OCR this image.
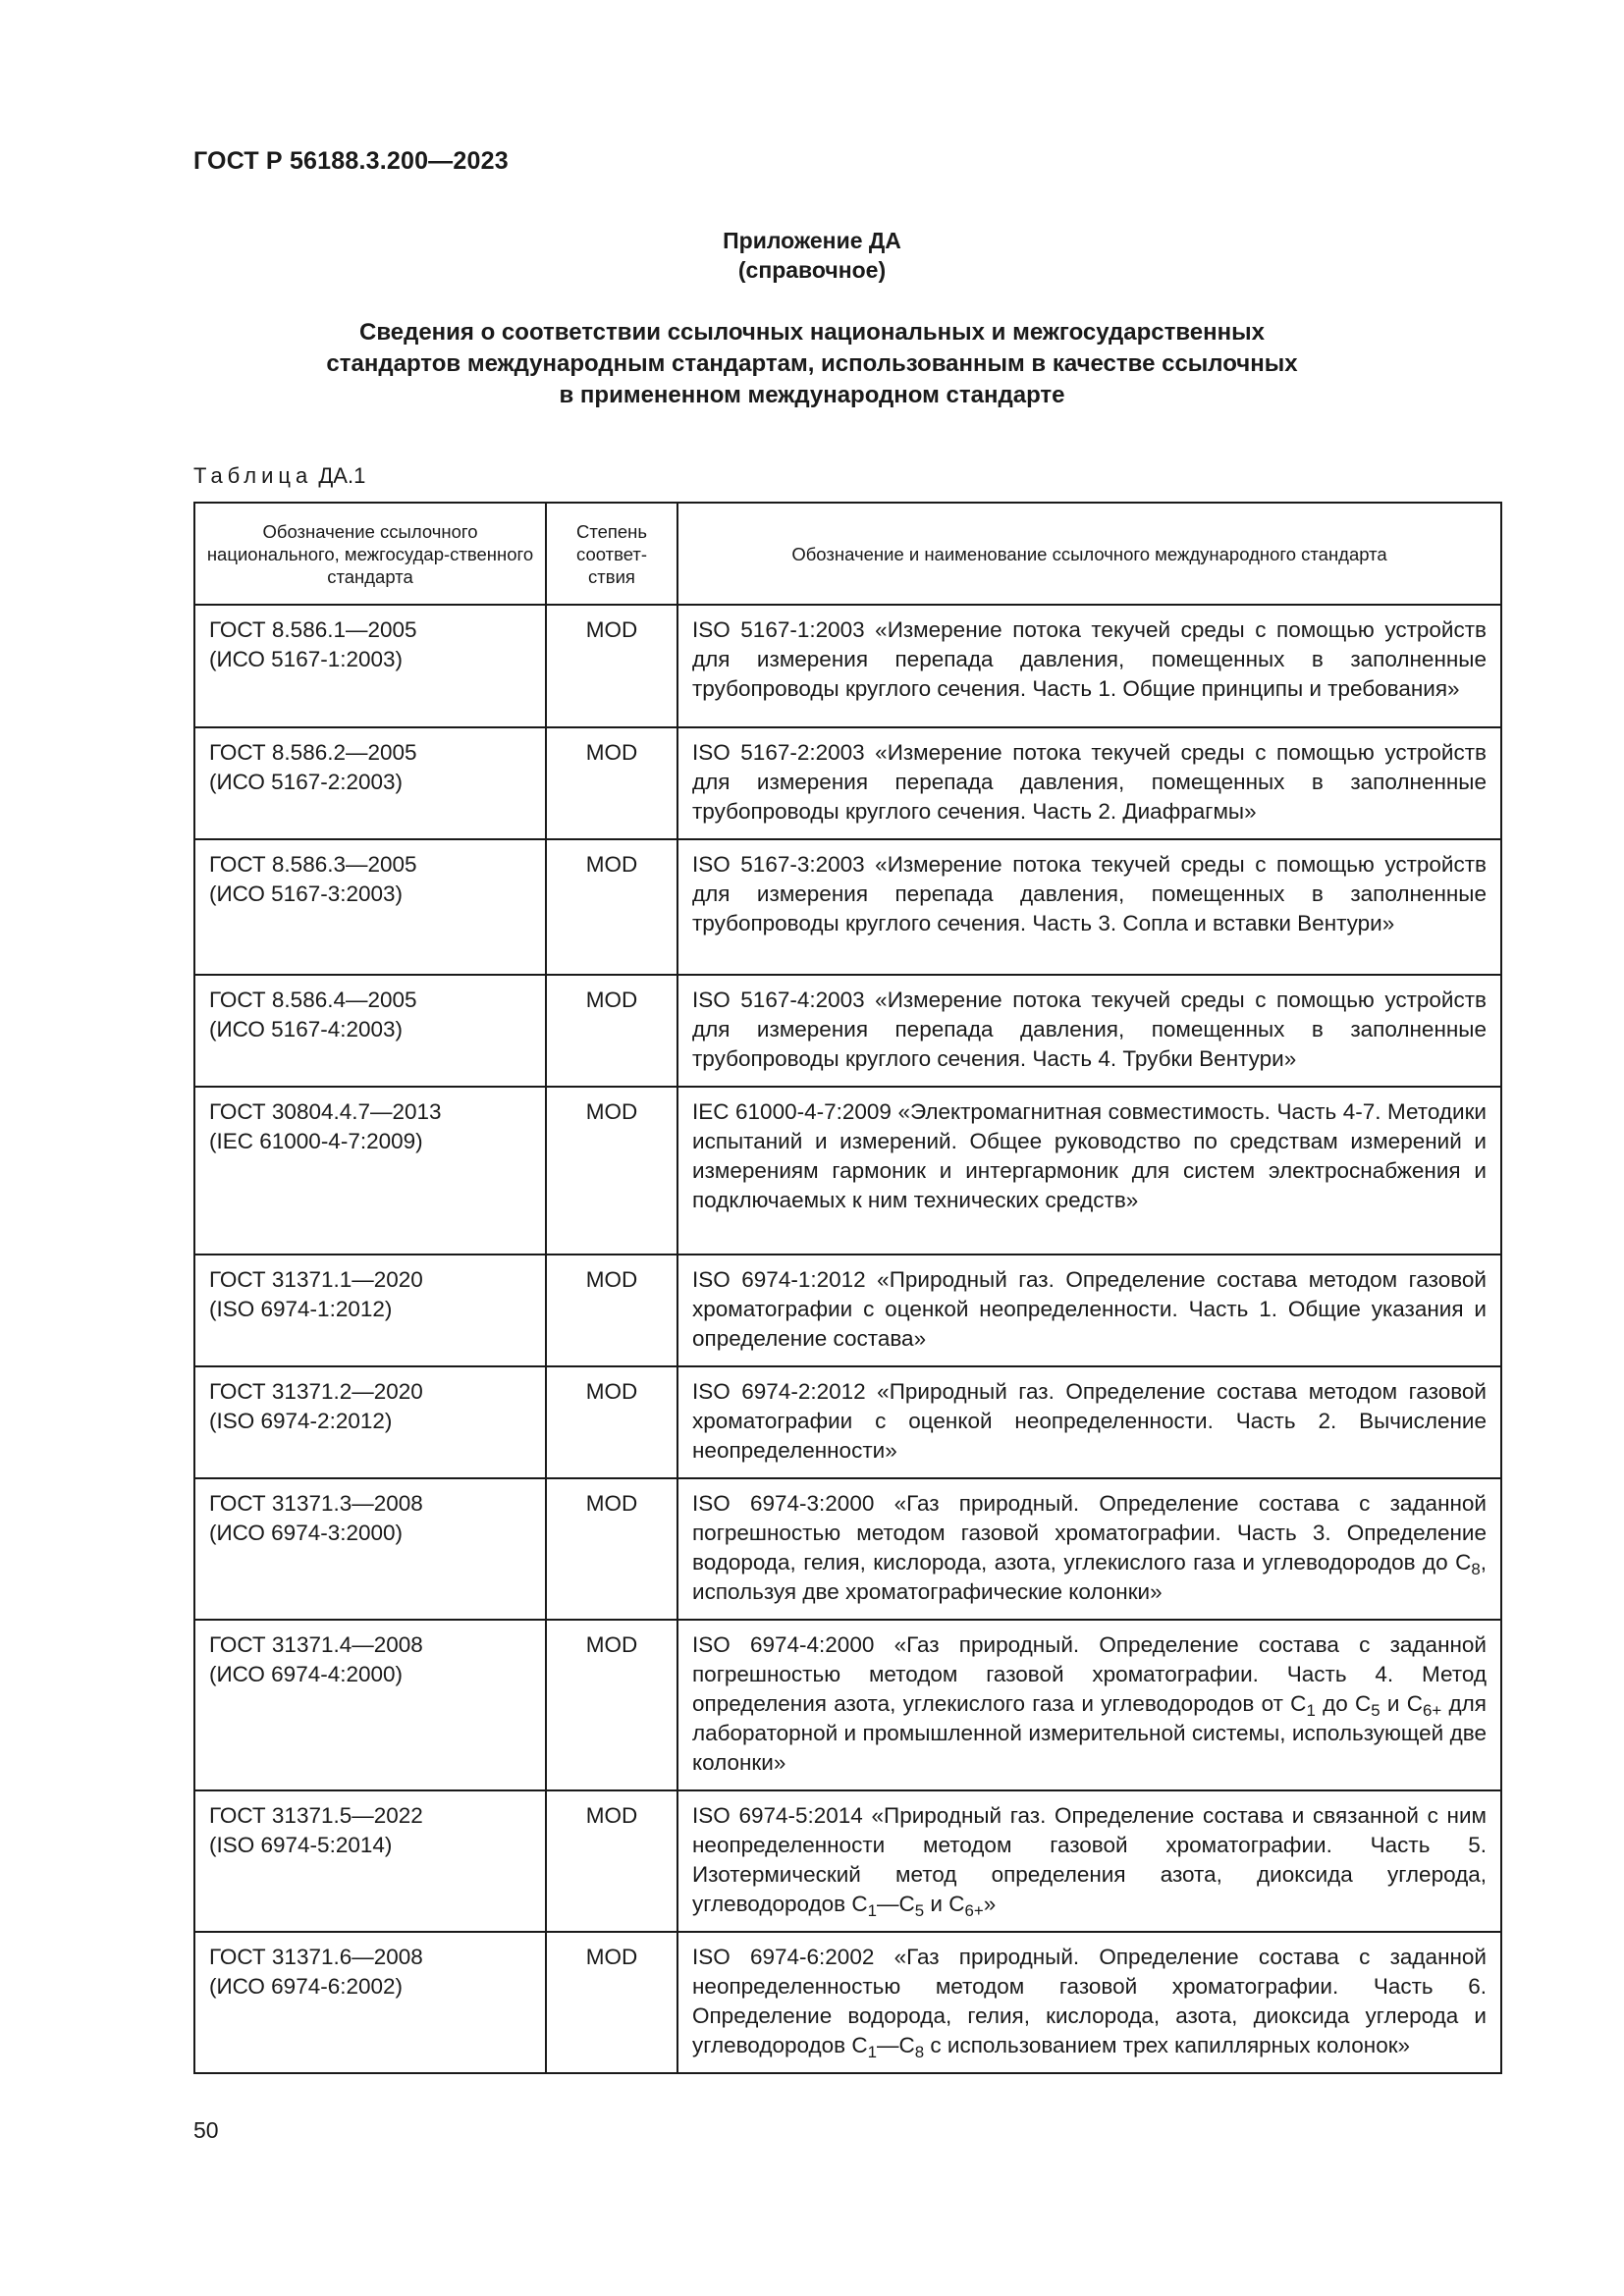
ГОСТ Р 56188.3.200—2023
Приложение ДА
(справочное)
Сведения о соответствии ссылочных национальных и межгосударственных
стандартов международным стандартам, использованным в качестве ссылочных
в примененном международном стандарте
Таблица ДА.1
Обозначение ссылочного национального, межгосудар-ственного стандарта	Степень соответ-ствия	Обозначение и наименование ссылочного международного стандарта

ГОСТ 8.586.1—2005
(ИСО 5167-1:2003)	MOD	ISO 5167-1:2003 «Измерение потока текучей среды с помощью устройств для измерения перепада давления, помещенных в заполненные трубопроводы круглого сечения. Часть 1. Общие принципы и требования»

ГОСТ 8.586.2—2005
(ИСО 5167-2:2003)	MOD	ISO 5167-2:2003 «Измерение потока текучей среды с помощью устройств для измерения перепада давления, помещенных в заполненные трубопроводы круглого сечения. Часть 2. Диафрагмы»

ГОСТ 8.586.3—2005
(ИСО 5167-3:2003)	MOD	ISO 5167-3:2003 «Измерение потока текучей среды с помощью устройств для измерения перепада давления, помещенных в заполненные трубопроводы круглого сечения. Часть 3. Сопла и вставки Вентури»

ГОСТ 8.586.4—2005
(ИСО 5167-4:2003)	MOD	ISO 5167-4:2003 «Измерение потока текучей среды с помощью устройств для измерения перепада давления, помещенных в заполненные трубопроводы круглого сечения. Часть 4. Трубки Вентури»

ГОСТ 30804.4.7—2013
(IEC 61000-4-7:2009)	MOD	IEC 61000-4-7:2009 «Электромагнитная совместимость. Часть 4-7. Методики испытаний и измерений. Общее руководство по средствам измерений и измерениям гармоник и интергармоник для систем электроснабжения и подключаемых к ним технических средств»

ГОСТ 31371.1—2020
(ISO 6974-1:2012)	MOD	ISO 6974-1:2012 «Природный газ. Определение состава методом газовой хроматографии с оценкой неопределенности. Часть 1. Общие указания и определение состава»

ГОСТ 31371.2—2020
(ISO 6974-2:2012)	MOD	ISO 6974-2:2012 «Природный газ. Определение состава методом газовой хроматографии с оценкой неопределенности. Часть 2. Вычисление неопределенности»

ГОСТ 31371.3—2008
(ИСО 6974-3:2000)	MOD	ISO 6974-3:2000 «Газ природный. Определение состава с заданной погрешностью методом газовой хроматографии. Часть 3. Определение водорода, гелия, кислорода, азота, углекислого газа и углеводородов до $C_8$, используя две хроматографические колонки»

ГОСТ 31371.4—2008
(ИСО 6974-4:2000)	MOD	ISO 6974-4:2000 «Газ природный. Определение состава с заданной погрешностью методом газовой хроматографии. Часть 4. Метод определения азота, углекислого газа и углеводородов от $C_1$ до $C_5$ и $C_{6+}$ для лабораторной и промышленной измерительной системы, использующей две колонки»

ГОСТ 31371.5—2022
(ISO 6974-5:2014)	MOD	ISO 6974-5:2014 «Природный газ. Определение состава и связанной с ним неопределенности методом газовой хроматографии. Часть 5. Изотермический метод определения азота, диоксида углерода, углеводородов $C_1—C_5$ и $C_{6+}$»

ГОСТ 31371.6—2008
(ИСО 6974-6:2002)	MOD	ISO 6974-6:2002 «Газ природный. Определение состава с заданной неопределенностью методом газовой хроматографии. Часть 6. Определение водорода, гелия, кислорода, азота, диоксида углерода и углеводородов $C_1—C_8$ с использованием трех капиллярных колонок»
50
